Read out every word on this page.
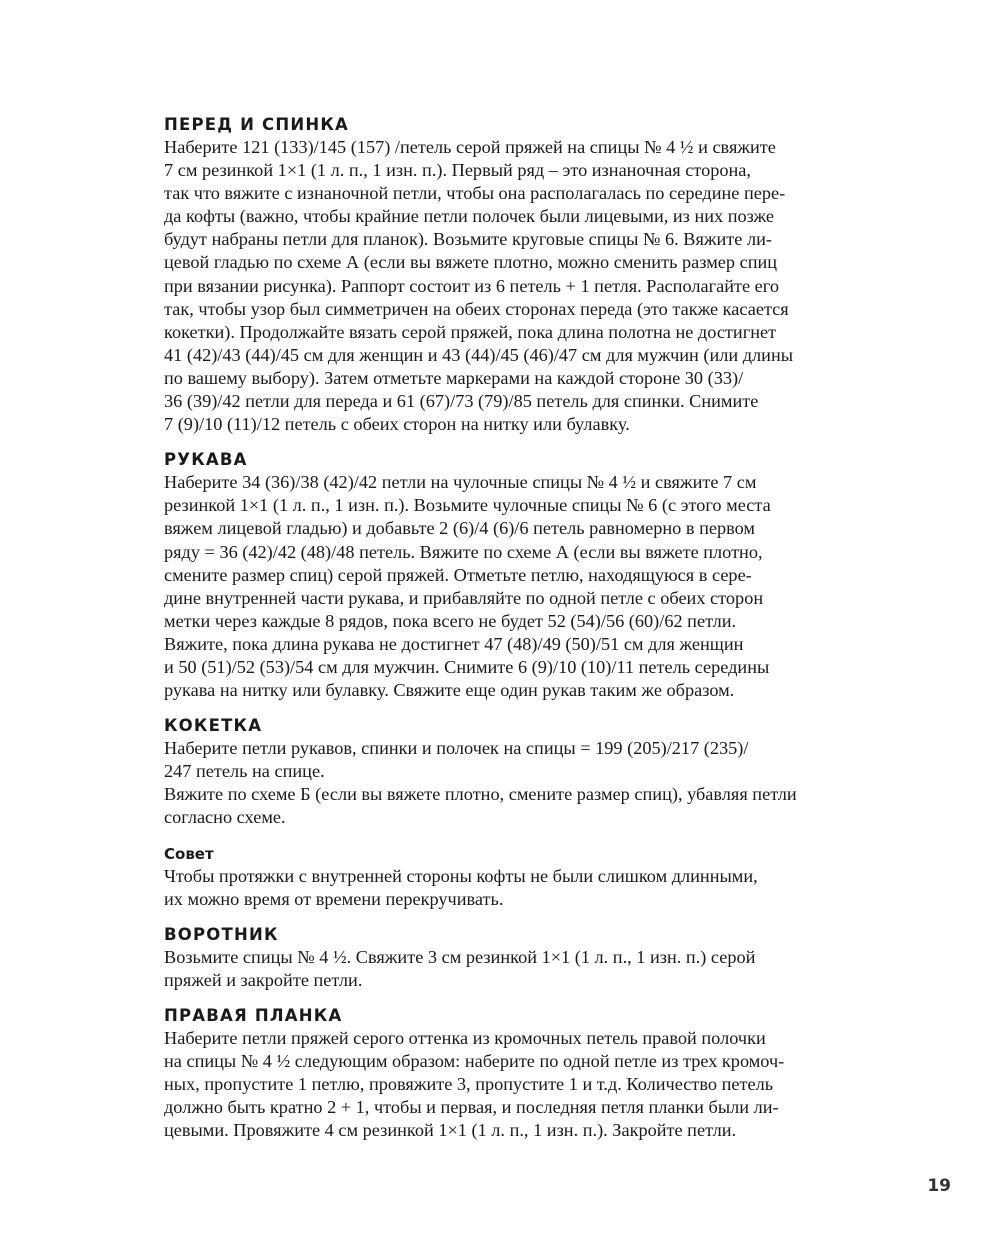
ПЕРЕД И СПИНКА

Наберите 121 (133)/145 (157) /петель серой пряжей на спицы № 4 ½ и свяжите
7 см резинкой 1×1 (1 л. п., 1 изн. п.). Первый ряд – это изнаночная сторона,
так что вяжите с изнаночной петли, чтобы она располагалась по середине пере-
да кофты (важно, чтобы крайние петли полочек были лицевыми, из них позже
будут набраны петли для планок). Возьмите круговые спицы № 6. Вяжите ли-
цевой гладью по схеме А (если вы вяжете плотно, можно сменить размер спиц
при вязании рисунка). Раппорт состоит из 6 петель + 1 петля. Располагайте его
так, чтобы узор был симметричен на обеих сторонах переда (это также касается
кокетки). Продолжайте вязать серой пряжей, пока длина полотна не достигнет
41 (42)/43 (44)/45 см для женщин и 43 (44)/45 (46)/47 см для мужчин (или длины
по вашему выбору). Затем отметьте маркерами на каждой стороне 30 (33)/
36 (39)/42 петли для переда и 61 (67)/73 (79)/85 петель для спинки. Снимите
7 (9)/10 (11)/12 петель с обеих сторон на нитку или булавку.

РУКАВА

Наберите 34 (36)/38 (42)/42 петли на чулочные спицы № 4 ½ и свяжите 7 см
резинкой 1×1 (1 л. п., 1 изн. п.). Возьмите чулочные спицы № 6 (с этого места
вяжем лицевой гладью) и добавьте 2 (6)/4 (6)/6 петель равномерно в первом
ряду = 36 (42)/42 (48)/48 петель. Вяжите по схеме А (если вы вяжете плотно,
смените размер спиц) серой пряжей. Отметьте петлю, находящуюся в сере-
дине внутренней части рукава, и прибавляйте по одной петле с обеих сторон
метки через каждые 8 рядов, пока всего не будет 52 (54)/56 (60)/62 петли.
Вяжите, пока длина рукава не достигнет 47 (48)/49 (50)/51 см для женщин
и 50 (51)/52 (53)/54 см для мужчин. Снимите 6 (9)/10 (10)/11 петель середины
рукава на нитку или булавку. Свяжите еще один рукав таким же образом.

КОКЕТКА

Наберите петли рукавов, спинки и полочек на спицы = 199 (205)/217 (235)/
247 петель на спице.
Вяжите по схеме Б (если вы вяжете плотно, смените размер спиц), убавляя петли
согласно схеме.

Совет

Чтобы протяжки с внутренней стороны кофты не были слишком длинными,
их можно время от времени перекручивать.

ВОРОТНИК

Возьмите спицы № 4 ½. Свяжите 3 см резинкой 1×1 (1 л. п., 1 изн. п.) серой
пряжей и закройте петли.

ПРАВАЯ ПЛАНКА

Наберите петли пряжей серого оттенка из кромочных петель правой полочки
на спицы № 4 ½ следующим образом: наберите по одной петле из трех кромоч-
ных, пропустите 1 петлю, провяжите 3, пропустите 1 и т.д. Количество петель
должно быть кратно 2 + 1, чтобы и первая, и последняя петля планки были ли-
цевыми. Провяжите 4 см резинкой 1×1 (1 л. п., 1 изн. п.). Закройте петли.

19
